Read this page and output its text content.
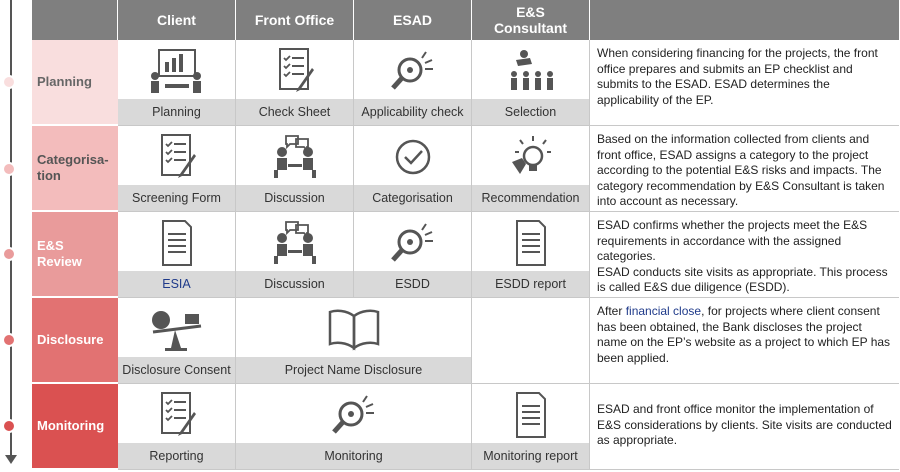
Client	Front Office	ESAD	E&S
Consultant
Planning
Planning	Check Sheet	Applicability check	Selection
When considering financing for the projects, the front office prepares and submits an EP checklist and submits to the ESAD. ESAD determines the applicability of the EP.
Categorisa-
tion
Screening Form	Discussion	Categorisation	Recommendation
Based on the information collected from clients and front office, ESAD assigns a category to the project according to the potential E&S risks and impacts. The category recommendation by E&S Consultant is taken into account as necessary.
E&S
Review
ESIA	Discussion	ESDD	ESDD report
ESAD confirms whether the projects meet the E&S requirements in accordance with the assigned categories.
ESAD conducts site visits as appropriate. This process is called E&S due diligence (ESDD).
Disclosure
Disclosure Consent	Project Name Disclosure
After financial close, for projects where client consent has been obtained, the Bank discloses the project name on the EP’s website as a project to which EP has been applied.
Monitoring
Reporting	Monitoring	Monitoring report
ESAD and front office monitor the implementation of E&S considerations by clients. Site visits are conducted as appropriate.
